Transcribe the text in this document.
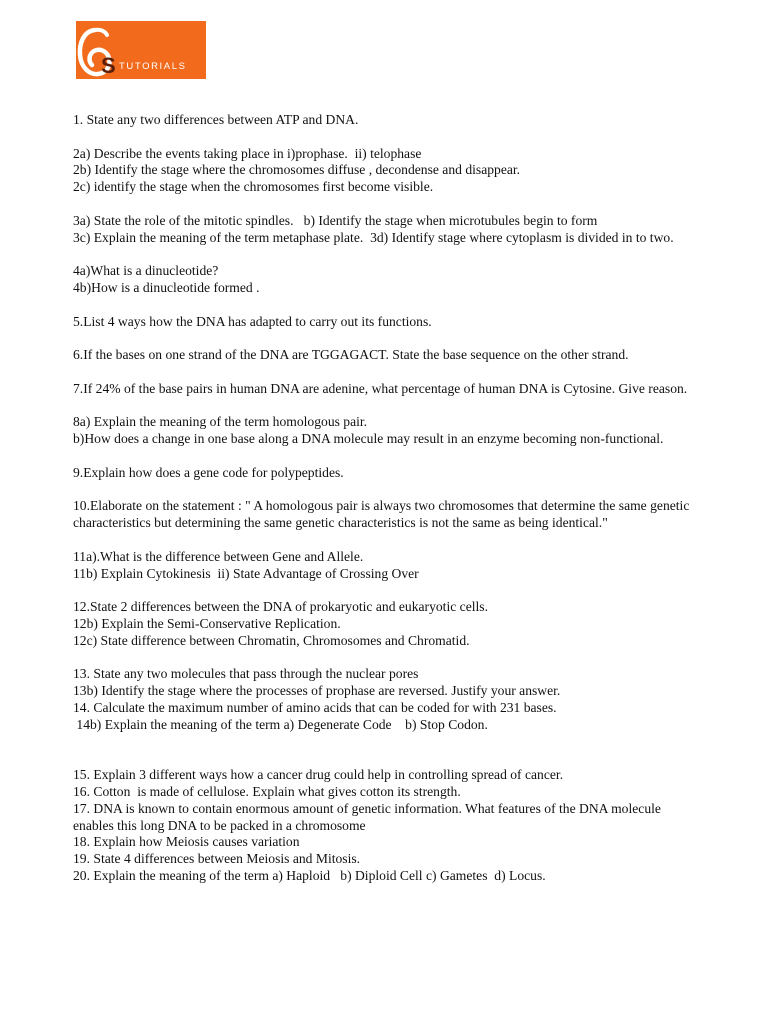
S TUTORIALS
1. State any two differences between ATP and DNA.
2a) Describe the events taking place in i)prophase.  ii) telophase
2b) Identify the stage where the chromosomes diffuse , decondense and disappear.
2c) identify the stage when the chromosomes first become visible.
3a) State the role of the mitotic spindles.   b) Identify the stage when microtubules begin to form
3c) Explain the meaning of the term metaphase plate.  3d) Identify stage where cytoplasm is divided in to two.
4a)What is a dinucleotide?
4b)How is a dinucleotide formed .
5.List 4 ways how the DNA has adapted to carry out its functions.
6.If the bases on one strand of the DNA are TGGAGACT. State the base sequence on the other strand.
7.If 24% of the base pairs in human DNA are adenine, what percentage of human DNA is Cytosine. Give reason.
8a) Explain the meaning of the term homologous pair.
b)How does a change in one base along a DNA molecule may result in an enzyme becoming non-functional.
9.Explain how does a gene code for polypeptides.
10.Elaborate on the statement : " A homologous pair is always two chromosomes that determine the same genetic characteristics but determining the same genetic characteristics is not the same as being identical."
11a).What is the difference between Gene and Allele.
11b) Explain Cytokinesis  ii) State Advantage of Crossing Over
12.State 2 differences between the DNA of prokaryotic and eukaryotic cells.
12b) Explain the Semi-Conservative Replication.
12c) State difference between Chromatin, Chromosomes and Chromatid.
13. State any two molecules that pass through the nuclear pores
13b) Identify the stage where the processes of prophase are reversed. Justify your answer.
14. Calculate the maximum number of amino acids that can be coded for with 231 bases.
14b) Explain the meaning of the term a) Degenerate Code    b) Stop Codon.
15. Explain 3 different ways how a cancer drug could help in controlling spread of cancer.
16. Cotton  is made of cellulose. Explain what gives cotton its strength.
17. DNA is known to contain enormous amount of genetic information. What features of the DNA molecule enables this long DNA to be packed in a chromosome
18. Explain how Meiosis causes variation
19. State 4 differences between Meiosis and Mitosis.
20. Explain the meaning of the term a) Haploid   b) Diploid Cell c) Gametes  d) Locus.
